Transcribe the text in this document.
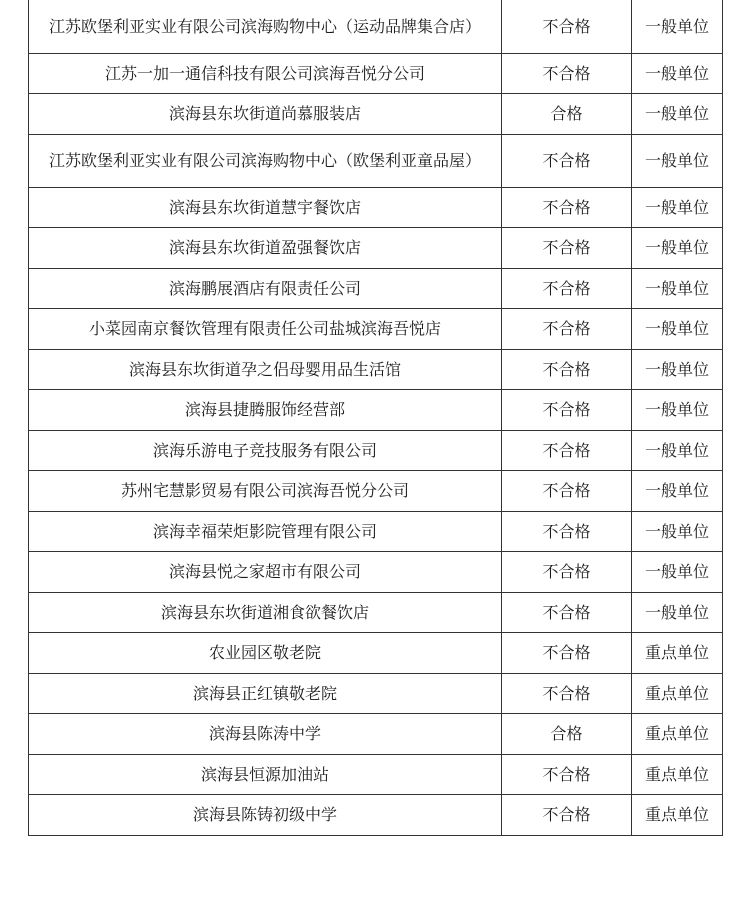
江苏欧堡利亚实业有限公司滨海购物中心（运动品牌集合店）	不合格	一般单位
江苏一加一通信科技有限公司滨海吾悦分公司	不合格	一般单位
滨海县东坎街道尚慕服装店	合格	一般单位
江苏欧堡利亚实业有限公司滨海购物中心（欧堡利亚童品屋）	不合格	一般单位
滨海县东坎街道慧宇餐饮店	不合格	一般单位
滨海县东坎街道盈强餐饮店	不合格	一般单位
滨海鹏展酒店有限责任公司	不合格	一般单位
小菜园南京餐饮管理有限责任公司盐城滨海吾悦店	不合格	一般单位
滨海县东坎街道孕之侣母婴用品生活馆	不合格	一般单位
滨海县捷腾服饰经营部	不合格	一般单位
滨海乐游电子竞技服务有限公司	不合格	一般单位
苏州宅慧影贸易有限公司滨海吾悦分公司	不合格	一般单位
滨海幸福荣炬影院管理有限公司	不合格	一般单位
滨海县悦之家超市有限公司	不合格	一般单位
滨海县东坎街道湘食欲餐饮店	不合格	一般单位
农业园区敬老院	不合格	重点单位
滨海县正红镇敬老院	不合格	重点单位
滨海县陈涛中学	合格	重点单位
滨海县恒源加油站	不合格	重点单位
滨海县陈铸初级中学	不合格	重点单位
